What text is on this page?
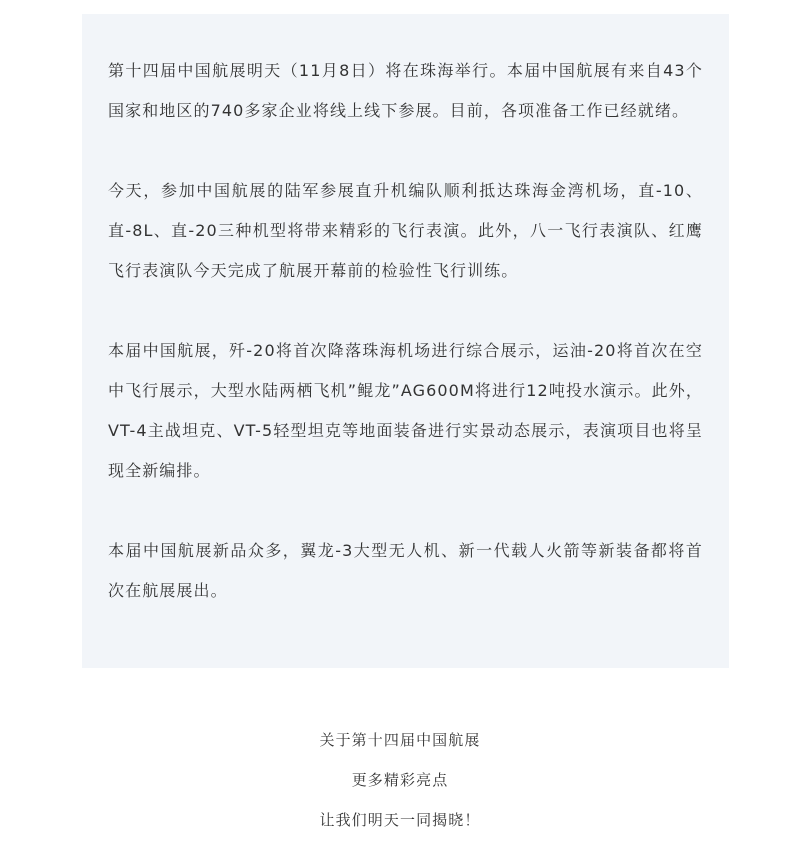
第十四届中国航展明天（11月8日）将在珠海举行。本届中国航展有来自43个国家和地区的740多家企业将线上线下参展。目前，各项准备工作已经就绪。

今天，参加中国航展的陆军参展直升机编队顺利抵达珠海金湾机场，直-10、直-8L、直-20三种机型将带来精彩的飞行表演。此外，八一飞行表演队、红鹰飞行表演队今天完成了航展开幕前的检验性飞行训练。

本届中国航展，歼-20将首次降落珠海机场进行综合展示，运油-20将首次在空中飞行展示，大型水陆两栖飞机”鲲龙”AG600M将进行12吨投水演示。此外，VT-4主战坦克、VT-5轻型坦克等地面装备进行实景动态展示，表演项目也将呈现全新编排。

本届中国航展新品众多，翼龙-3大型无人机、新一代载人火箭等新装备都将首次在航展展出。

关于第十四届中国航展
更多精彩亮点
让我们明天一同揭晓！
